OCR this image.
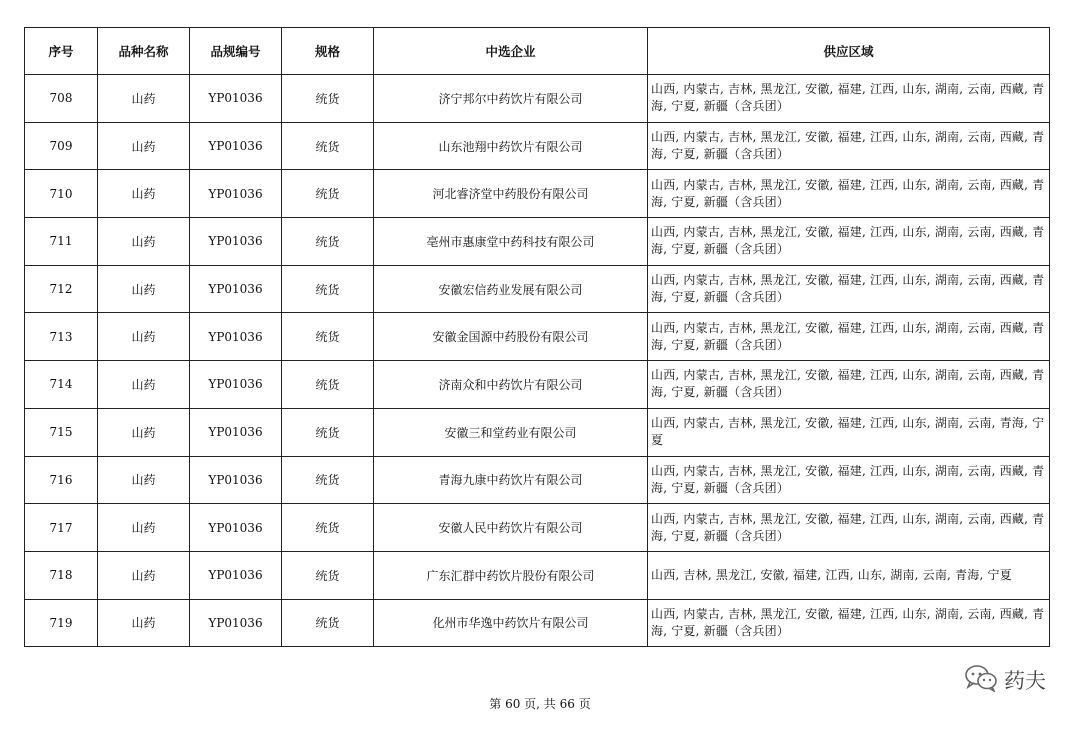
序号	品种名称	品规编号	规格	中选企业	供应区域
708	山药	YP01036	统货	济宁邦尔中药饮片有限公司	山西, 内蒙古, 吉林, 黑龙江, 安徽, 福建, 江西, 山东, 湖南, 云南, 西藏, 青海, 宁夏, 新疆（含兵团）
709	山药	YP01036	统货	山东池翔中药饮片有限公司	山西, 内蒙古, 吉林, 黑龙江, 安徽, 福建, 江西, 山东, 湖南, 云南, 西藏, 青海, 宁夏, 新疆（含兵团）
710	山药	YP01036	统货	河北睿济堂中药股份有限公司	山西, 内蒙古, 吉林, 黑龙江, 安徽, 福建, 江西, 山东, 湖南, 云南, 西藏, 青海, 宁夏, 新疆（含兵团）
711	山药	YP01036	统货	亳州市惠康堂中药科技有限公司	山西, 内蒙古, 吉林, 黑龙江, 安徽, 福建, 江西, 山东, 湖南, 云南, 西藏, 青海, 宁夏, 新疆（含兵团）
712	山药	YP01036	统货	安徽宏信药业发展有限公司	山西, 内蒙古, 吉林, 黑龙江, 安徽, 福建, 江西, 山东, 湖南, 云南, 西藏, 青海, 宁夏, 新疆（含兵团）
713	山药	YP01036	统货	安徽金国源中药股份有限公司	山西, 内蒙古, 吉林, 黑龙江, 安徽, 福建, 江西, 山东, 湖南, 云南, 西藏, 青海, 宁夏, 新疆（含兵团）
714	山药	YP01036	统货	济南众和中药饮片有限公司	山西, 内蒙古, 吉林, 黑龙江, 安徽, 福建, 江西, 山东, 湖南, 云南, 西藏, 青海, 宁夏, 新疆（含兵团）
715	山药	YP01036	统货	安徽三和堂药业有限公司	山西, 内蒙古, 吉林, 黑龙江, 安徽, 福建, 江西, 山东, 湖南, 云南, 青海, 宁夏
716	山药	YP01036	统货	青海九康中药饮片有限公司	山西, 内蒙古, 吉林, 黑龙江, 安徽, 福建, 江西, 山东, 湖南, 云南, 西藏, 青海, 宁夏, 新疆（含兵团）
717	山药	YP01036	统货	安徽人民中药饮片有限公司	山西, 内蒙古, 吉林, 黑龙江, 安徽, 福建, 江西, 山东, 湖南, 云南, 西藏, 青海, 宁夏, 新疆（含兵团）
718	山药	YP01036	统货	广东汇群中药饮片股份有限公司	山西, 吉林, 黑龙江, 安徽, 福建, 江西, 山东, 湖南, 云南, 青海, 宁夏
719	山药	YP01036	统货	化州市华逸中药饮片有限公司	山西, 内蒙古, 吉林, 黑龙江, 安徽, 福建, 江西, 山东, 湖南, 云南, 西藏, 青海, 宁夏, 新疆（含兵团）
第 60 页, 共 66 页
药夫
